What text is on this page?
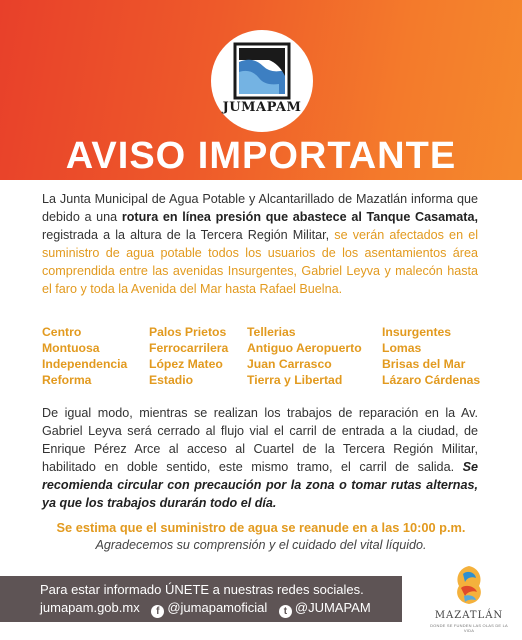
JUMAPAM
AVISO IMPORTANTE
La Junta Municipal de Agua Potable y Alcantarillado de Mazatlán informa que debido a una rotura en línea presión que abastece al Tanque Casamata, registrada a la altura de la Tercera Región Militar, se verán afectados en el suministro de agua potable todos los usuarios de los asentamientos área comprendida entre las avenidas Insurgentes, Gabriel Leyva y malecón hasta el faro y toda la Avenida del Mar hasta Rafael Buelna.
Centro
Montuosa
Independencia
Reforma
Palos Prietos
Ferrocarrilera
López Mateo
Estadio
Tellerias
Antiguo Aeropuerto
Juan Carrasco
Tierra y Libertad
Insurgentes
Lomas
Brisas del Mar
Lázaro Cárdenas
De igual modo, mientras se realizan los trabajos de reparación en la Av. Gabriel Leyva será cerrado al flujo vial el carril de entrada a la ciudad, de Enrique Pérez Arce al acceso al Cuartel de la Tercera Región Militar, habilitado en doble sentido, este mismo tramo, el carril de salida. Se recomienda circular con precaución por la zona o tomar rutas alternas, ya que los trabajos durarán todo el día.
Se estima que el suministro de agua se reanude en a las 10:00 p.m.
Agradecemos su comprensión y el cuidado del vital líquido.
Para estar informado ÚNETE a nuestras redes sociales.
jumapam.gob.mx f @jumapamoficial t @JUMAPAM
MAZATLÁN
DONDE SE FUNDEN LAS OLAS DE LA VIDA
